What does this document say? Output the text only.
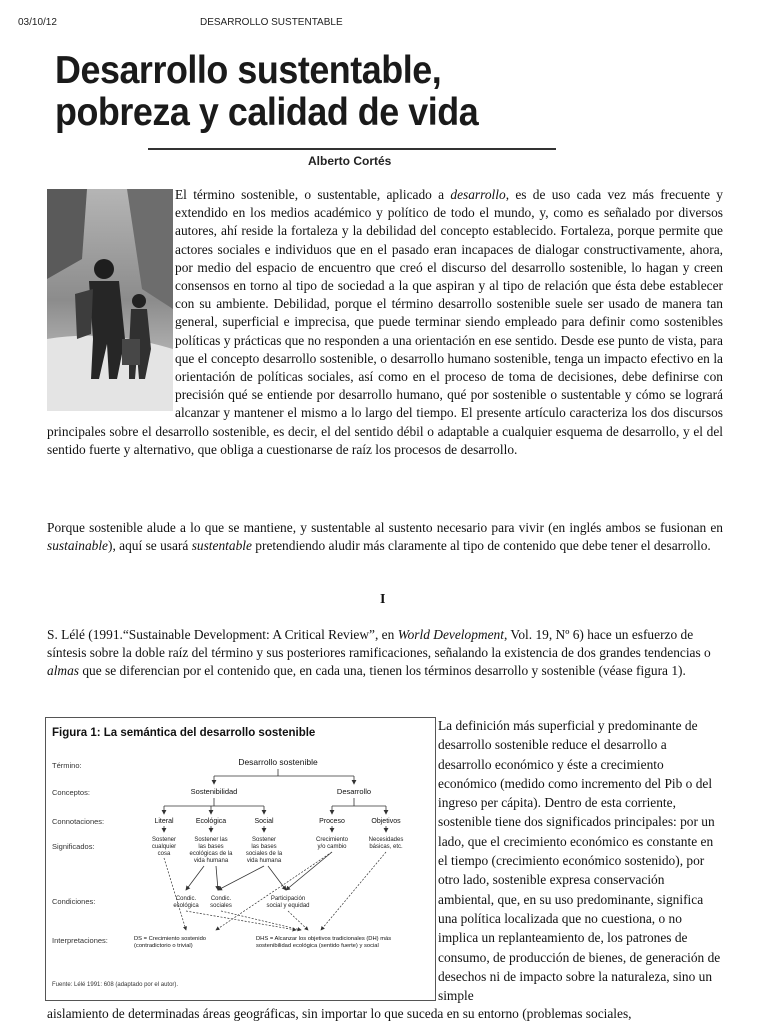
03/10/12	DESARROLLO SUSTENTABLE
Desarrollo sustentable,
pobreza y calidad de vida
Alberto Cortés

El término sostenible, o sustentable, aplicado a desarrollo, es de uso cada vez más frecuente y extendido en los medios académico y político de todo el mundo, y, como es señalado por diversos autores, ahí reside la fortaleza y la debilidad del concepto establecido. Fortaleza, porque permite que actores sociales e individuos que en el pasado eran incapaces de dialogar constructivamente, ahora, por medio del espacio de encuentro que creó el discurso del desarrollo sostenible, lo hagan y creen consensos en torno al tipo de sociedad a la que aspiran y al tipo de relación que ésta debe establecer con su ambiente. Debilidad, porque el término desarrollo sostenible suele ser usado de manera tan general, superficial e imprecisa, que puede terminar siendo empleado para definir como sostenibles políticas y prácticas que no responden a una orientación en ese sentido. Desde ese punto de vista, para que el concepto desarrollo sostenible, o desarrollo humano sostenible, tenga un impacto efectivo en la orientación de políticas sociales, así como en el proceso de toma de decisiones, debe definirse con precisión qué se entiende por desarrollo humano, qué por sostenible o sustentable y cómo se logrará alcanzar y mantener el mismo a lo largo del tiempo. El presente artículo caracteriza los dos discursos principales sobre el desarrollo sostenible, es decir, el del sentido débil o adaptable a cualquier esquema de desarrollo, y el del sentido fuerte y alternativo, que obliga a cuestionarse de raíz los procesos de desarrollo.

Porque sostenible alude a lo que se mantiene, y sustentable al sustento necesario para vivir (en inglés ambos se fusionan en sustainable), aquí se usará sustentable pretendiendo aludir más claramente al tipo de contenido que debe tener el desarrollo.

I

S. Lélé (1991.“Sustainable Development: A Critical Review”, en World Development, Vol. 19, Nº 6) hace un esfuerzo de síntesis sobre la doble raíz del término y sus posteriores ramificaciones, señalando la existencia de dos grandes tendencias o almas que se diferencian por el contenido que, en cada una, tienen los términos desarrollo y sostenible (véase figura 1).

Figura 1: La semántica del desarrollo sostenible
Término:
Conceptos:
Connotaciones:
Significados:
Condiciones:
Interpretaciones:
Desarrollo sostenible
Sostenibilidad	Desarrollo
Literal	Ecológica	Social	Proceso	Objetivos
Sostener
cualquier
cosa
Sostener las
las bases
ecológicas de la
vida humana
Sostener
las bases
sociales de la
vida humana
Crecimiento
y/o cambio
Necesidades
básicas, etc.
Condic.
ecológica
Condic.
sociales
Participación
social y equidad
DS = Crecimiento sostenido
(contradictorio o trivial)
DHS = Alcanzar los objetivos tradicionales (DH) más
sostenibilidad ecológica (sentido fuerte) y social
Fuente: Lélé 1991: 608 (adaptado por el autor).

La definición más superficial y predominante de desarrollo sostenible reduce el desarrollo a desarrollo económico y éste a crecimiento económico (medido como incremento del Pib o del ingreso per cápita). Dentro de esta corriente, sostenible tiene dos significados principales: por un lado, que el crecimiento económico es constante en el tiempo (crecimiento económico sostenido), por otro lado, sostenible expresa conservación ambiental, que, en su uso predominante, significa una política localizada que no cuestiona, o no implica un replanteamiento de, los patrones de consumo, de producción de bienes, de generación de desechos ni de impacto sobre la naturaleza, sino un simple

aislamiento de determinadas áreas geográficas, sin importar lo que suceda en su entorno (problemas sociales,
